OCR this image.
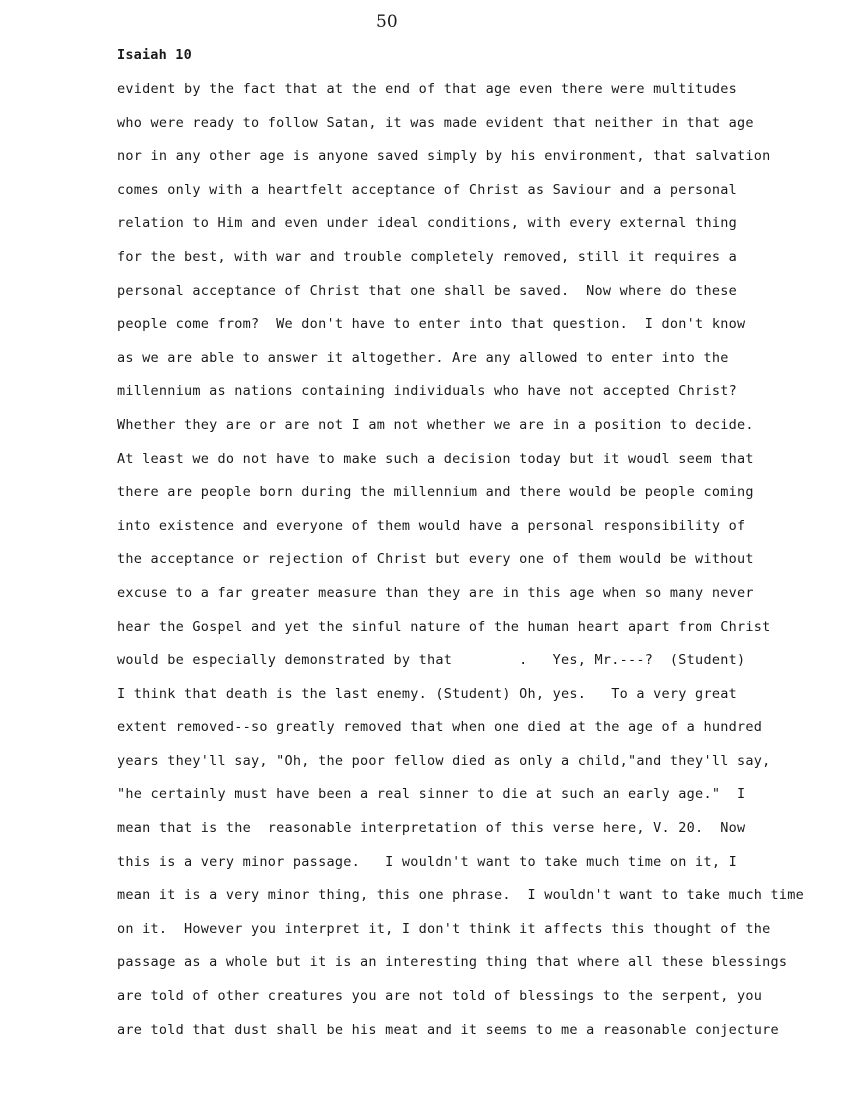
50
Isaiah 10
evident by the fact that at the end of that age even there were multitudes
who were ready to follow Satan, it was made evident that neither in that age
nor in any other age is anyone saved simply by his environment, that salvation
comes only with a heartfelt acceptance of Christ as Saviour and a personal
relation to Him and even under ideal conditions, with every external thing
for the best, with war and trouble completely removed, still it requires a
personal acceptance of Christ that one shall be saved.  Now where do these
people come from?  We don't have to enter into that question.  I don't know
as we are able to answer it altogether. Are any allowed to enter into the
millennium as nations containing individuals who have not accepted Christ?
Whether they are or are not I am not whether we are in a position to decide.
At least we do not have to make such a decision today but it woudl seem that
there are people born during the millennium and there would be people coming
into existence and everyone of them would have a personal responsibility of
the acceptance or rejection of Christ but every one of them would be without
excuse to a far greater measure than they are in this age when so many never
hear the Gospel and yet the sinful nature of the human heart apart from Christ
would be especially demonstrated by that        .   Yes, Mr.---?  (Student)
I think that death is the last enemy. (Student) Oh, yes.   To a very great
extent removed--so greatly removed that when one died at the age of a hundred
years they'll say, "Oh, the poor fellow died as only a child,"and they'll say,
"he certainly must have been a real sinner to die at such an early age."  I
mean that is the  reasonable interpretation of this verse here, V. 20.  Now
this is a very minor passage.   I wouldn't want to take much time on it, I
mean it is a very minor thing, this one phrase.  I wouldn't want to take much time
on it.  However you interpret it, I don't think it affects this thought of the
passage as a whole but it is an interesting thing that where all these blessings
are told of other creatures you are not told of blessings to the serpent, you
are told that dust shall be his meat and it seems to me a reasonable conjecture
